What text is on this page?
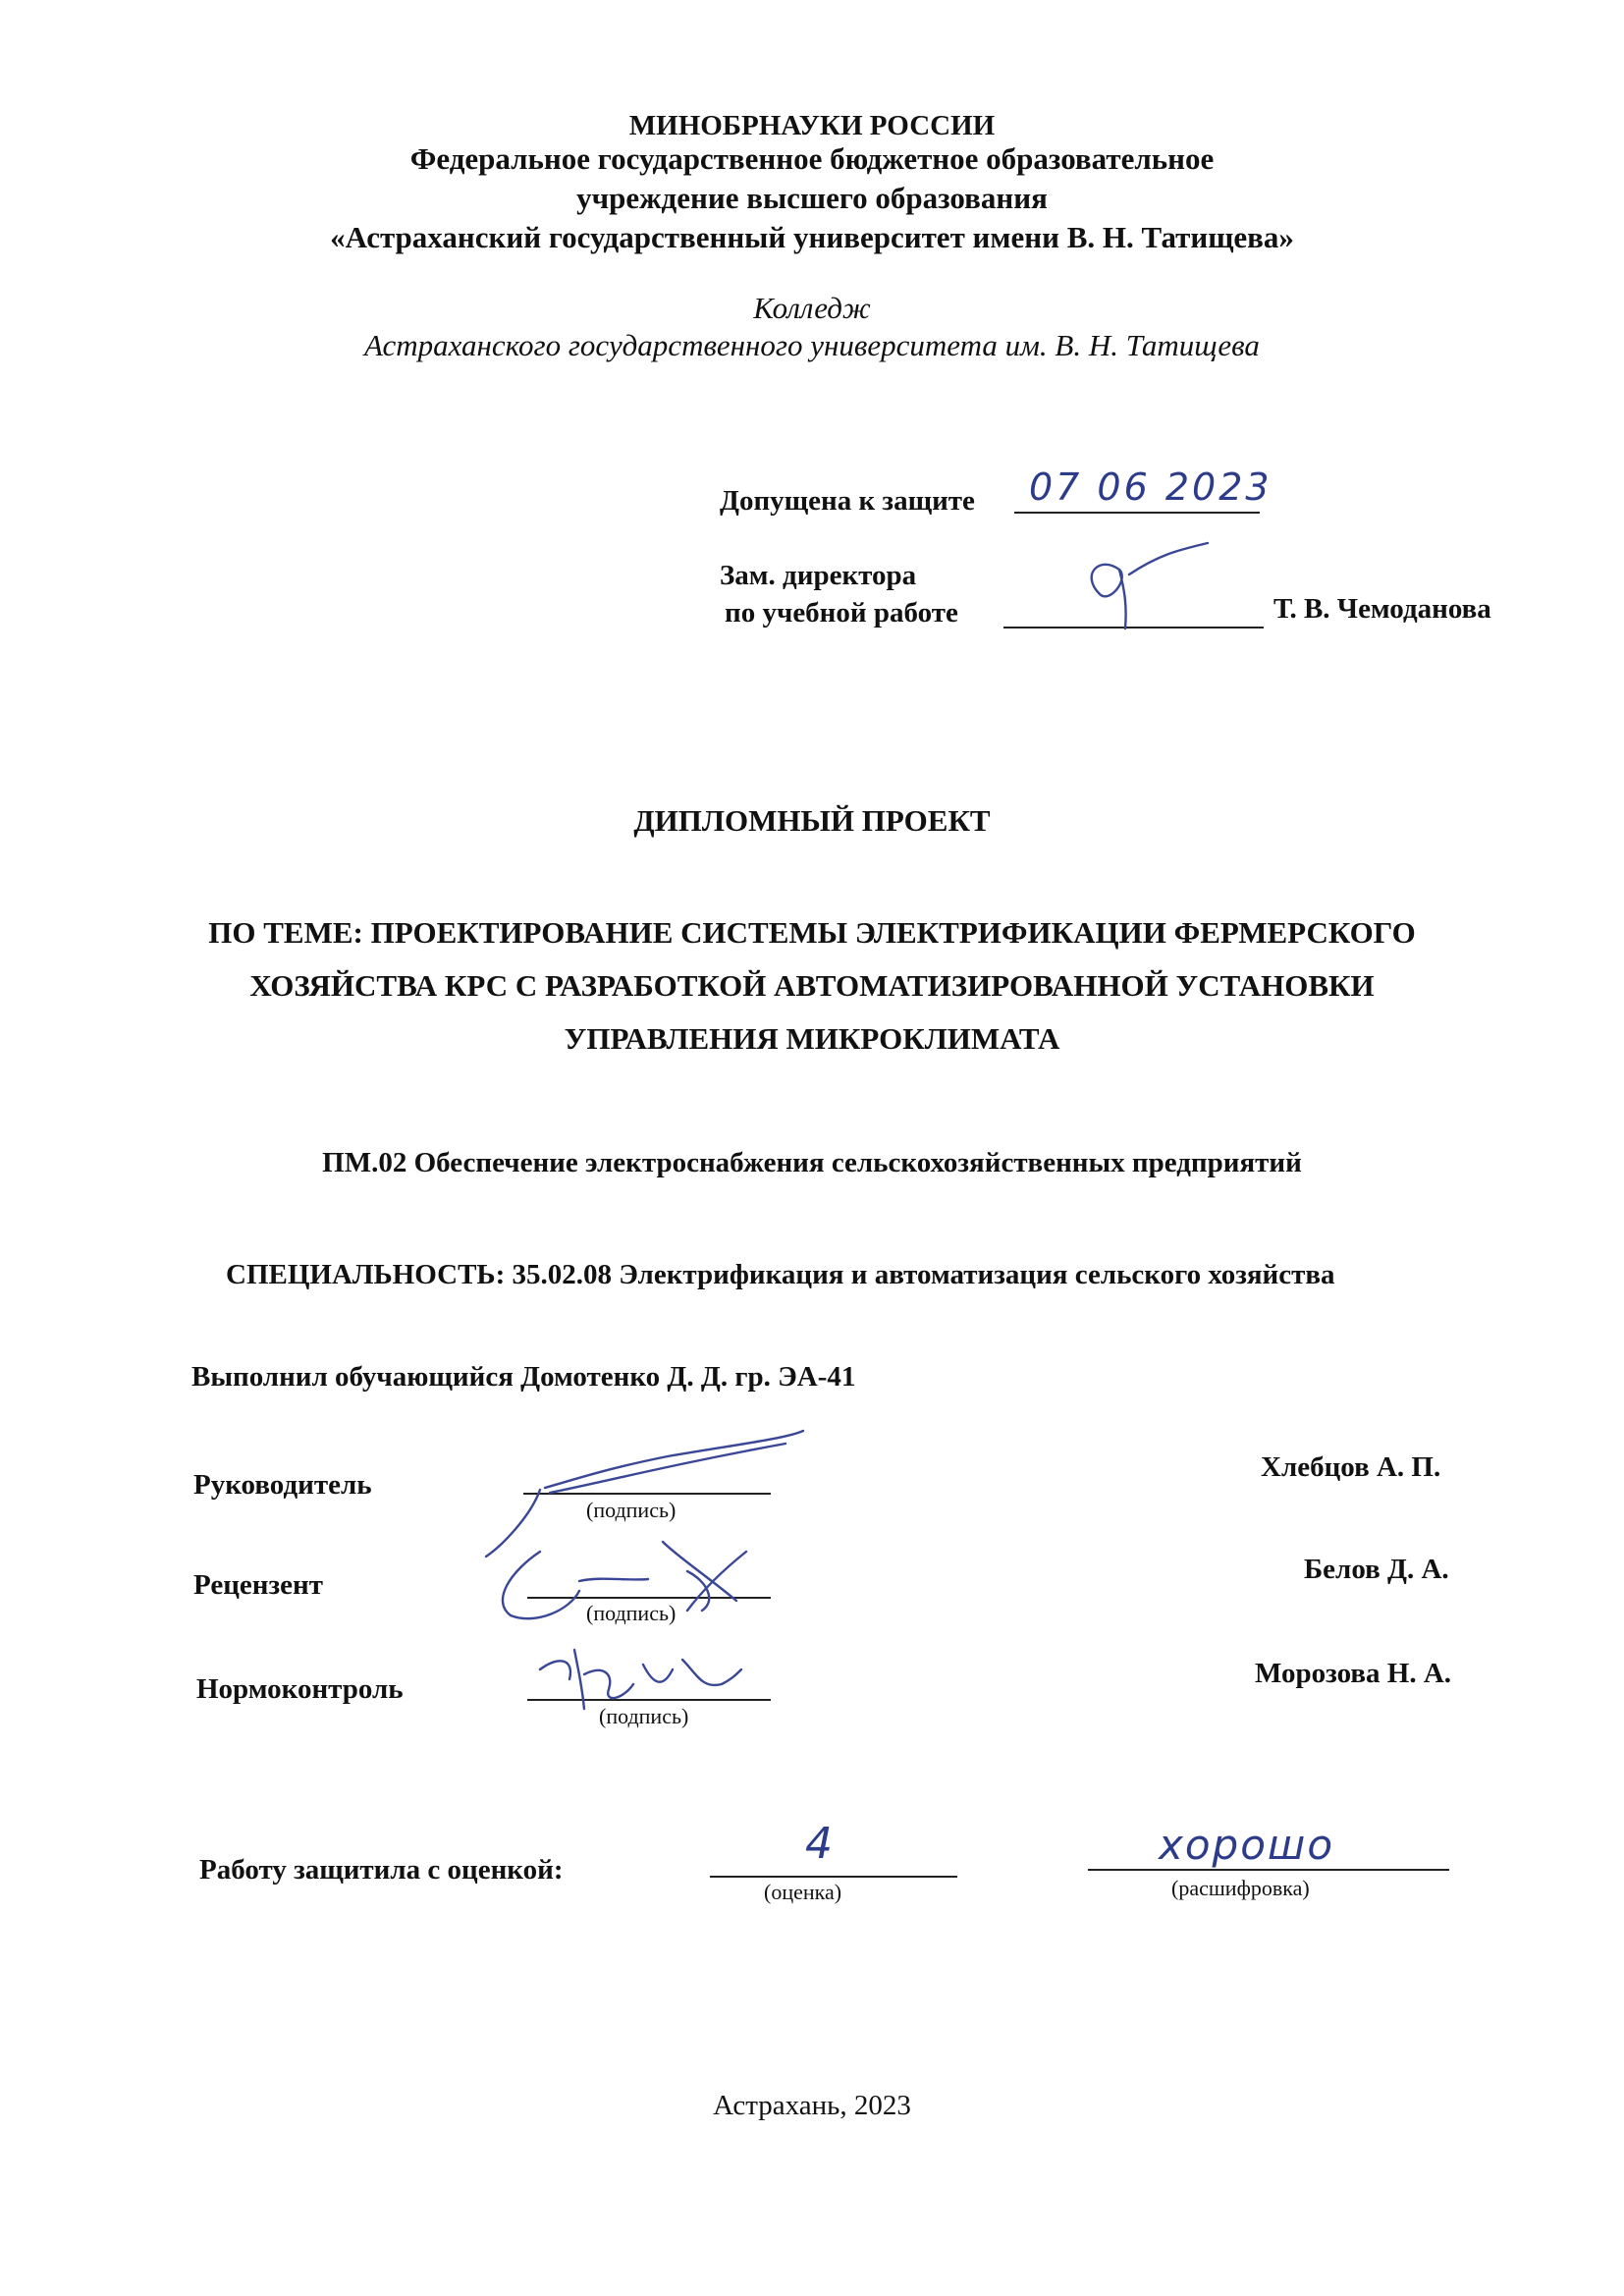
МИНОБРНАУКИ РОССИИ
Федеральное государственное бюджетное образовательное
учреждение высшего образования
«Астраханский государственный университет имени В. Н. Татищева»
Колледж
Астраханского государственного университета им. В. Н. Татищева
Допущена к защите 07 06 2023
Зам. директора
по учебной работе	Т. В. Чемоданова
ДИПЛОМНЫЙ ПРОЕКТ
ПО ТЕМЕ: ПРОЕКТИРОВАНИЕ СИСТЕМЫ ЭЛЕКТРИФИКАЦИИ ФЕРМЕРСКОГО
ХОЗЯЙСТВА КРС С РАЗРАБОТКОЙ АВТОМАТИЗИРОВАННОЙ УСТАНОВКИ
УПРАВЛЕНИЯ МИКРОКЛИМАТА
ПМ.02 Обеспечение электроснабжения сельскохозяйственных предприятий
СПЕЦИАЛЬНОСТЬ: 35.02.08 Электрификация и автоматизация сельского хозяйства
Выполнил обучающийся Домотенко Д. Д. гр. ЭА-41
Руководитель
(подпись)
Хлебцов А. П.
Рецензент
(подпись)
Белов Д. А.
Нормоконтроль
(подпись)
Морозова Н. А.
Работу защитила с оценкой:
4
(оценка)
хорошо
(расшифровка)
Астрахань, 2023
